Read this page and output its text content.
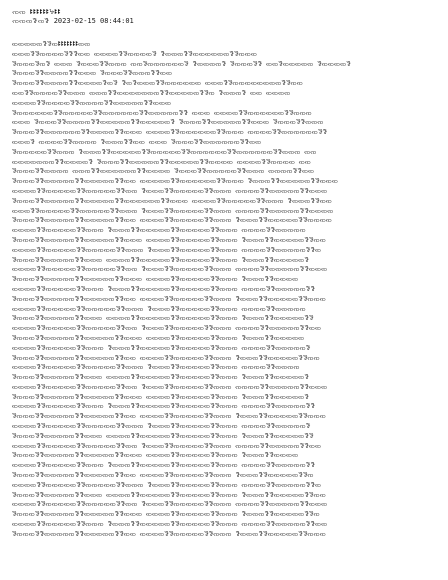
ꩡꩡ ꔪꔪꔪꔪꔪꔪꕵꔪꔪ
ꩡꩡꩡꗌꩡꗌ 2023-02-15 08:44:01
ꩡꩡꩡꩡꩡꗌꗌꩡꔪꔪꔪꔪꔪꔪꔪꩡꩡ
ꩡꩡꩡꗌꗌꩡꩡꩡꩡꗌꗌꗌꩡꩡ ꩡꩡꩡꩡꗌꗌꩡꩡꩡꩡꗌ ꗌꩡꩡꩡꗌꗌꩡꩡꩡꩡꩡꩡꗌꗌꩡꩡꩡ
ꗌꩡꩡꩡꗌꩡꗌ ꩡꩡꩡ ꗌꩡꩡꩡꗌꗌꩡꩡꩡ ꩡꩡꗌꩡꩡꩡꩡꩡꩡꗌ ꗌꩡꩡꩡꩡꗌ ꗌꩡꩡꩡꗌꗌ ꩡꩡꗌꩡꩡꩡꩡꩡ ꗌꩡꩡꩡꩡꗌ
ꗌꩡꩡꩡꗌꗌꩡꩡꩡꩡꗌꗌꩡꩡꩡ ꗌꩡꩡꩡꗌꗌꩡꩡꩡꗌꗌꩡꩡ
ꗌꩡꩡꩡꗌꗌꩡꩡꩡꩡꗌꗌꩡꩡꩡꩡꗌꩡꗌ ꗌꩡꗌꩡꩡꩡꗌꗌꩡꩡꩡꩡꩡꩡ ꩡꩡꩡꗌꗌꩡꩡꩡꩡꩡꩡꩡꩡꗌꗌꩡꩡ
ꩡꩡꗌꗌꩡꩡꩡꩡꗌꗌꩡꩡꩡ ꩡꩡꩡꗌꗌꩡꩡꩡꩡꩡꩡꩡꗌꗌꩡꩡꩡꩡꩡꗌꗌꩡ ꗌꩡꩡꩡꗌ ꩡꩡ ꩡꩡꩡꩡ
ꩡꩡꩡꩡꗌꗌꩡꩡꩡꩡꗌꗌꩡꩡꩡꩡꗌꗌꩡꩡꩡꩡꩡꗌꗌꩡꩡꩡ
ꗌꩡꩡꩡꩡꩡꩡꗌꗌꩡꩡꩡꩡꩡꗌꗌꩡꩡꩡꩡꩡꩡꗌꗌꩡꩡꩡꩡꩡꗌꗌ ꩡꩡꩡ ꩡꩡꩡꩡꗌꗌꩡꩡꩡꩡꩡꩡꗌꗌꩡꩡꩡ
ꩡꩡꩡ ꗌꩡꩡꩡꗌꗌꩡꩡꩡꩡꗌꗌꩡꩡꩡꩡꩡꗌꗌꩡꩡꩡꩡꩡꗌ ꗌꩡꩡꩡꗌꗌꩡꩡꩡꩡꩡꗌꗌꩡꩡꩡ ꗌꩡꩡꩡꗌꗌꩡꩡꩡ
ꗌꩡꩡꩡꗌꗌꩡꩡꩡꩡꩡꩡꗌꗌꩡꩡꩡꩡꗌꗌꩡꩡꩡ ꩡꩡꩡꩡꗌꗌꩡꩡꩡꩡꩡꩡꗌꗌꩡꩡꩡ ꩡꩡꩡꩡꗌꗌꩡꩡꩡꩡꩡꩡꗌꗌ
ꩡꩡꩡꗌ ꩡꩡꩡꩡꗌꗌꩡꩡꩡꩡ ꗌꩡꩡꩡꗌꗌꩡꩡ ꩡꩡꩡ ꗌꩡꩡꩡꗌꗌꩡꩡꩡꩡꩡꩡꗌꗌꩡꩡ
ꗌꩡꩡꩡꩡꩡꗌꗌꩡꩡꩡ ꗌꩡꩡꩡꗌꗌꩡꩡꩡꩡꩡꗌꗌꩡꩡꩡꩡꩡꗌꗌꩡꩡꩡꩡꩡꩡꗌꗌꩡꩡꩡꩡꩡꩡꗌꗌꩡꩡꩡ ꩡꩡ
ꩡꩡꩡꩡꩡꩡꩡꗌꗌꩡꩡꩡꩡꗌ ꗌꩡꩡꩡꗌꗌꩡꩡꩡꩡꩡꗌꗌꩡꩡꩡꩡꩡꗌꗌꩡꩡꩡꩡ ꩡꩡꩡꩡꗌꗌꩡꩡꩡꩡ ꩡꩡ
ꗌꩡꩡꩡꗌꗌꩡꩡꩡꩡ ꩡꩡꩡꗌꗌꩡꩡꩡꩡꩡꩡꗌꗌꩡꩡꩡꩡ ꗌꩡꩡꩡꗌꗌꩡꩡꩡꩡꩡꗌꗌꩡꩡꩡ ꩡꩡꩡꩡꗌꗌꩡꩡ
ꗌꩡꩡꩡꗌꗌꩡꩡꩡꩡꩡꗌꗌꩡꩡꩡꩡꩡꗌꗌꩡꩡ ꩡꩡꩡꩡꩡꗌꗌꩡꩡꩡꩡꩡꩡꗌꗌꩡꩡꩡ ꗌꩡꩡꩡꗌꗌꩡꩡꩡꩡꩡꗌꗌꩡꩡꩡ
ꩡꩡꩡꩡꗌꗌꩡꩡꩡꩡꩡꗌꗌꩡꩡꩡꩡꩡꗌꗌꩡꩡ ꗌꩡꩡꩡꗌꗌꩡꩡꩡꩡꩡꗌꗌꩡꩡꩡ ꩡꩡꩡꩡꗌꗌꩡꩡꩡꩡꩡꗌꗌꩡꩡꩡ
ꗌꩡꩡꩡꗌꗌꩡꩡꩡꩡꩡꗌꗌꩡꩡꩡꩡꩡꗌꗌꩡꩡꩡꩡꩡꩡꗌꗌꩡꩡꩡ ꩡꩡꩡꩡꗌꗌꩡꩡꩡꩡꩡꗌꗌꩡꩡꩡ ꗌꩡꩡꩡꗌꗌꩡꩡ
ꩡꩡꩡꗌꗌꩡꩡꩡꩡꩡꗌꗌꩡꩡꩡꩡꩡꗌꗌꩡꩡꩡ ꗌꩡꩡꩡꗌꗌꩡꩡꩡꩡꩡꗌꗌꩡꩡꩡ ꩡꩡꩡꩡꗌꗌꩡꩡꩡꩡꩡꗌꗌꩡꩡꩡꩡ
ꗌꩡꩡꩡꗌꗌꩡꩡꩡꩡꩡꗌꗌꩡꩡꩡꩡꩡꗌꗌꩡꩡ ꩡꩡꩡꩡꗌꗌꩡꩡꩡꩡꩡꗌꗌꩡꩡꩡ ꗌꩡꩡꩡꗌꗌꩡꩡꩡꩡꩡꗌꗌꩡꩡꩡꩡ
ꩡꩡꩡꩡꗌꗌꩡꩡꩡꩡꩡꗌꗌꩡꩡꩡ ꗌꩡꩡꩡꗌꗌꩡꩡꩡꩡꩡꗌꗌꩡꩡꩡꩡꩡꗌꗌꩡꩡꩡ ꩡꩡꩡꩡꗌꗌꩡꩡꩡꩡꩡ
ꗌꩡꩡꩡꗌꗌꩡꩡꩡꩡꩡꗌꗌꩡꩡꩡꩡꩡꗌꗌꩡꩡꩡ ꩡꩡꩡꩡꗌꗌꩡꩡꩡꩡꩡꗌꗌꩡꩡꩡ ꗌꩡꩡꩡꗌꗌꩡꩡꩡꩡꩡꗌꗌꩡꩡ
ꩡꩡꩡꩡꗌꗌꩡꩡꩡꩡꩡꗌꗌꩡꩡꩡꩡꩡꗌꗌꩡꩡꩡ ꗌꩡꩡꩡꗌꗌꩡꩡꩡꩡꩡꗌꗌꩡꩡꩡ ꩡꩡꩡꩡꗌꗌꩡꩡꩡꩡꩡꗌꗌꩡ
ꗌꩡꩡꩡꗌꗌꩡꩡꩡꩡꩡꗌꗌꩡꩡꩡ ꩡꩡꩡꩡꗌꗌꩡꩡꩡꩡꩡꗌꗌꩡꩡꩡꩡꩡꗌꗌꩡꩡꩡ ꗌꩡꩡꩡꗌꗌꩡꩡꩡꩡꩡꗌ
ꩡꩡꩡꩡꗌꗌꩡꩡꩡꩡꩡꗌꗌꩡꩡꩡꩡꩡꗌꗌꩡꩡ ꗌꩡꩡꩡꗌꗌꩡꩡꩡꩡꩡꗌꗌꩡꩡꩡ ꩡꩡꩡꩡꗌꗌꩡꩡꩡꩡꩡꗌꗌꩡꩡꩡ
ꗌꩡꩡꩡꗌꗌꩡꩡꩡꩡꩡꗌꗌꩡꩡꩡꩡꩡꗌꗌꩡꩡꩡ ꩡꩡꩡꩡꗌꗌꩡꩡꩡꩡꩡꗌꗌꩡꩡꩡ ꗌꩡꩡꩡꗌꗌꩡꩡꩡꩡ
ꩡꩡꩡꩡꗌꗌꩡꩡꩡꩡꩡꗌꗌꩡꩡꩡ ꗌꩡꩡꩡꗌꗌꩡꩡꩡꩡꩡꗌꗌꩡꩡꩡꩡꩡꗌꗌꩡꩡꩡ ꩡꩡꩡꩡꗌꗌꩡꩡꩡꩡꩡꗌꗌ
ꗌꩡꩡꩡꗌꗌꩡꩡꩡꩡꩡꗌꗌꩡꩡꩡꩡꩡꗌꗌꩡꩡ ꩡꩡꩡꩡꗌꗌꩡꩡꩡꩡꩡꗌꗌꩡꩡꩡ ꗌꩡꩡꩡꗌꗌꩡꩡꩡꩡꩡꗌꗌꩡꩡꩡ
ꩡꩡꩡꩡꗌꗌꩡꩡꩡꩡꩡꗌꗌꩡꩡꩡꩡꩡꗌꗌꩡꩡꩡ ꗌꩡꩡꩡꗌꗌꩡꩡꩡꩡꩡꗌꗌꩡꩡꩡ ꩡꩡꩡꩡꗌꗌꩡꩡꩡꩡꩡ
ꗌꩡꩡꩡꗌꗌꩡꩡꩡꩡꩡꗌꗌꩡꩡꩡ ꩡꩡꩡꩡꗌꗌꩡꩡꩡꩡꩡꗌꗌꩡꩡꩡꩡꩡꗌꗌꩡꩡꩡ ꗌꩡꩡꩡꗌꗌꩡꩡꩡꩡꩡꗌꗌ
ꩡꩡꩡꩡꗌꗌꩡꩡꩡꩡꩡꗌꗌꩡꩡꩡꩡꩡꗌꗌꩡꩡ ꗌꩡꩡꩡꗌꗌꩡꩡꩡꩡꩡꗌꗌꩡꩡꩡ ꩡꩡꩡꩡꗌꗌꩡꩡꩡꩡꩡꗌꗌꩡꩡ
ꗌꩡꩡꩡꗌꗌꩡꩡꩡꩡꩡꗌꗌꩡꩡꩡꩡꩡꗌꗌꩡꩡꩡ ꩡꩡꩡꩡꗌꗌꩡꩡꩡꩡꩡꗌꗌꩡꩡꩡ ꗌꩡꩡꩡꗌꗌꩡꩡꩡꩡꩡ
ꩡꩡꩡꩡꗌꗌꩡꩡꩡꩡꩡꗌꗌꩡꩡꩡ ꗌꩡꩡꩡꗌꗌꩡꩡꩡꩡꩡꗌꗌꩡꩡꩡꩡꩡꗌꗌꩡꩡꩡ ꩡꩡꩡꩡꗌꗌꩡꩡꩡꩡꩡꗌ
ꗌꩡꩡꩡꗌꗌꩡꩡꩡꩡꩡꗌꗌꩡꩡꩡꩡꩡꗌꗌꩡꩡ ꩡꩡꩡꩡꗌꗌꩡꩡꩡꩡꩡꗌꗌꩡꩡꩡ ꗌꩡꩡꩡꗌꗌꩡꩡꩡꩡꩡꗌꗌꩡꩡ
ꩡꩡꩡꩡꗌꗌꩡꩡꩡꩡꩡꗌꗌꩡꩡꩡꩡꩡꗌꗌꩡꩡꩡ ꗌꩡꩡꩡꗌꗌꩡꩡꩡꩡꩡꗌꗌꩡꩡꩡ ꩡꩡꩡꩡꗌꗌꩡꩡꩡꩡ
ꗌꩡꩡꩡꗌꗌꩡꩡꩡꩡꩡꗌꗌꩡꩡꩡ ꩡꩡꩡꩡꗌꗌꩡꩡꩡꩡꩡꗌꗌꩡꩡꩡꩡꩡꗌꗌꩡꩡꩡ ꗌꩡꩡꩡꗌꗌꩡꩡꩡꩡꩡꗌ
ꩡꩡꩡꩡꗌꗌꩡꩡꩡꩡꩡꗌꗌꩡꩡꩡꩡꩡꗌꗌꩡꩡ ꗌꩡꩡꩡꗌꗌꩡꩡꩡꩡꩡꗌꗌꩡꩡꩡ ꩡꩡꩡꩡꗌꗌꩡꩡꩡꩡꩡꗌꗌꩡꩡꩡ
ꗌꩡꩡꩡꗌꗌꩡꩡꩡꩡꩡꗌꗌꩡꩡꩡꩡꩡꗌꗌꩡꩡꩡ ꩡꩡꩡꩡꗌꗌꩡꩡꩡꩡꩡꗌꗌꩡꩡꩡ ꗌꩡꩡꩡꗌꗌꩡꩡꩡꩡꩡꗌ
ꩡꩡꩡꩡꗌꗌꩡꩡꩡꩡꩡꗌꗌꩡꩡꩡ ꗌꩡꩡꩡꗌꗌꩡꩡꩡꩡꩡꗌꗌꩡꩡꩡꩡꩡꗌꗌꩡꩡꩡ ꩡꩡꩡꩡꗌꗌꩡꩡꩡꩡꩡꗌꗌ
ꗌꩡꩡꩡꗌꗌꩡꩡꩡꩡꩡꗌꗌꩡꩡꩡꩡꩡꗌꗌꩡꩡ ꩡꩡꩡꩡꗌꗌꩡꩡꩡꩡꩡꗌꗌꩡꩡꩡ ꗌꩡꩡꩡꗌꗌꩡꩡꩡꩡꩡꗌꗌꩡꩡꩡ
ꩡꩡꩡꩡꗌꗌꩡꩡꩡꩡꩡꗌꗌꩡꩡꩡꩡꩡꗌꗌꩡꩡꩡ ꗌꩡꩡꩡꗌꗌꩡꩡꩡꩡꩡꗌꗌꩡꩡꩡ ꩡꩡꩡꩡꗌꗌꩡꩡꩡꩡꩡꗌ
ꗌꩡꩡꩡꗌꗌꩡꩡꩡꩡꩡꗌꗌꩡꩡꩡ ꩡꩡꩡꩡꗌꗌꩡꩡꩡꩡꩡꗌꗌꩡꩡꩡꩡꩡꗌꗌꩡꩡꩡ ꗌꩡꩡꩡꗌꗌꩡꩡꩡꩡꩡꗌꗌ
ꩡꩡꩡꩡꗌꗌꩡꩡꩡꩡꩡꗌꗌꩡꩡꩡꩡꩡꗌꗌꩡꩡ ꗌꩡꩡꩡꗌꗌꩡꩡꩡꩡꩡꗌꗌꩡꩡꩡ ꩡꩡꩡꩡꗌꗌꩡꩡꩡꩡꩡꗌꗌꩡꩡ
ꗌꩡꩡꩡꗌꗌꩡꩡꩡꩡꩡꗌꗌꩡꩡꩡꩡꩡꗌꗌꩡꩡꩡ ꩡꩡꩡꩡꗌꗌꩡꩡꩡꩡꩡꗌꗌꩡꩡꩡ ꗌꩡꩡꩡꗌꗌꩡꩡꩡꩡ
ꩡꩡꩡꩡꗌꗌꩡꩡꩡꩡꩡꗌꗌꩡꩡꩡ ꗌꩡꩡꩡꗌꗌꩡꩡꩡꩡꩡꗌꗌꩡꩡꩡꩡꩡꗌꗌꩡꩡꩡ ꩡꩡꩡꩡꗌꗌꩡꩡꩡꩡꩡꗌꗌ
ꗌꩡꩡꩡꗌꗌꩡꩡꩡꩡꩡꗌꗌꩡꩡꩡꩡꩡꗌꗌꩡꩡ ꩡꩡꩡꩡꗌꗌꩡꩡꩡꩡꩡꗌꗌꩡꩡꩡ ꗌꩡꩡꩡꗌꗌꩡꩡꩡꩡꩡꗌꗌꩡ
ꩡꩡꩡꩡꗌꗌꩡꩡꩡꩡꩡꗌꗌꩡꩡꩡꩡꩡꗌꗌꩡꩡꩡ ꗌꩡꩡꩡꗌꗌꩡꩡꩡꩡꩡꗌꗌꩡꩡꩡ ꩡꩡꩡꩡꗌꗌꩡꩡꩡꩡꩡꗌꗌꩡ
ꗌꩡꩡꩡꗌꗌꩡꩡꩡꩡꩡꗌꗌꩡꩡꩡ ꩡꩡꩡꩡꗌꗌꩡꩡꩡꩡꩡꗌꗌꩡꩡꩡꩡꩡꗌꗌꩡꩡꩡ ꗌꩡꩡꩡꗌꗌꩡꩡꩡꩡꩡꗌꗌꩡꩡ
ꩡꩡꩡꩡꗌꗌꩡꩡꩡꩡꩡꗌꗌꩡꩡꩡꩡꩡꗌꗌꩡꩡ ꗌꩡꩡꩡꗌꗌꩡꩡꩡꩡꩡꗌꗌꩡꩡꩡ ꩡꩡꩡꩡꗌꗌꩡꩡꩡꩡꩡꗌꗌꩡꩡꩡ
ꗌꩡꩡꩡꗌꗌꩡꩡꩡꩡꩡꗌꗌꩡꩡꩡꩡꩡꗌꗌꩡꩡꩡ ꩡꩡꩡꩡꗌꗌꩡꩡꩡꩡꩡꗌꗌꩡꩡꩡ ꗌꩡꩡꩡꗌꗌꩡꩡꩡꩡꩡꗌꗌꩡ
ꩡꩡꩡꩡꗌꗌꩡꩡꩡꩡꩡꗌꗌꩡꩡꩡ ꗌꩡꩡꩡꗌꗌꩡꩡꩡꩡꩡꗌꗌꩡꩡꩡꩡꩡꗌꗌꩡꩡꩡ ꩡꩡꩡꩡꗌꗌꩡꩡꩡꩡꩡꗌꗌꩡꩡ
ꗌꩡꩡꩡꗌꗌꩡꩡꩡꩡꩡꗌꗌꩡꩡꩡꩡꩡꗌꗌꩡꩡ ꩡꩡꩡꩡꗌꗌꩡꩡꩡꩡꩡꗌꗌꩡꩡꩡ ꗌꩡꩡꩡꗌꗌꩡꩡꩡꩡꩡꗌꗌꩡꩡꩡ
